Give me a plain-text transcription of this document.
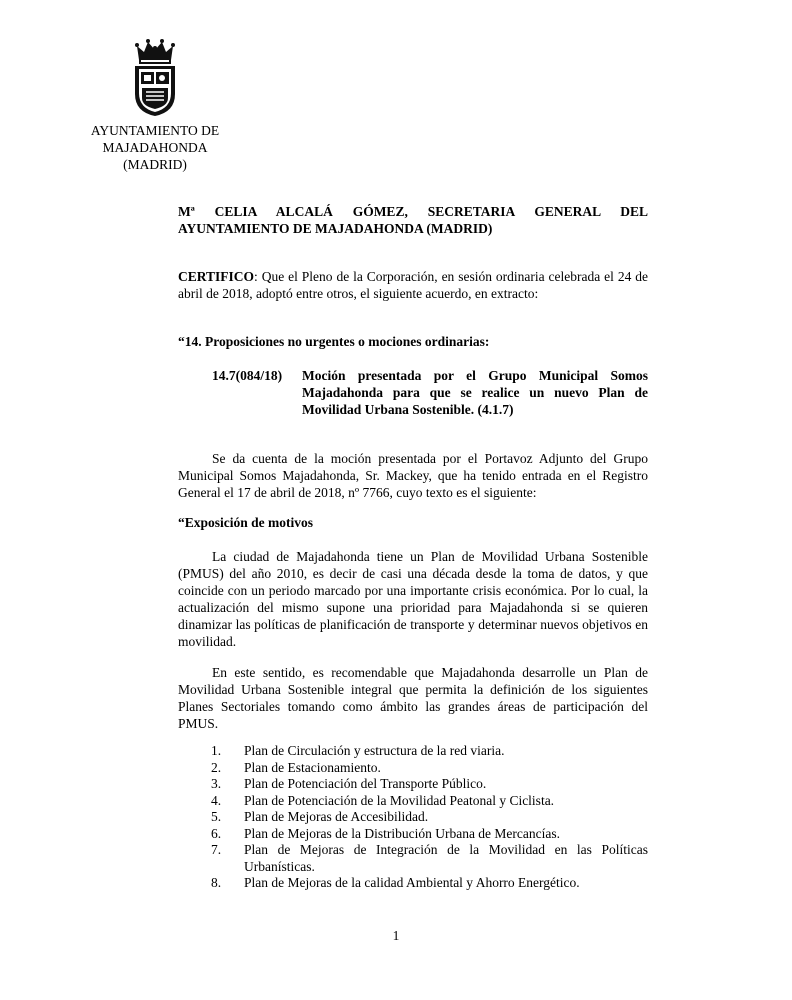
AYUNTAMIENTO DE
MAJADAHONDA
(MADRID)
Mª CELIA ALCALÁ GÓMEZ, SECRETARIA GENERAL DEL
AYUNTAMIENTO DE MAJADAHONDA (MADRID)
CERTIFICO: Que el Pleno de la Corporación, en sesión ordinaria celebrada el 24 de abril de 2018, adoptó entre otros, el siguiente acuerdo, en extracto:
“14. Proposiciones no urgentes o mociones ordinarias:
14.7(084/18) Moción presentada por el Grupo Municipal Somos Majadahonda para que se realice un nuevo Plan de Movilidad Urbana Sostenible. (4.1.7)
Se da cuenta de la moción presentada por el Portavoz Adjunto del Grupo Municipal Somos Majadahonda, Sr. Mackey, que ha tenido entrada en el Registro General el 17 de abril de 2018, nº 7766, cuyo texto es el siguiente:
“Exposición de motivos
La ciudad de Majadahonda tiene un Plan de Movilidad Urbana Sostenible (PMUS) del año 2010, es decir de casi una década desde la toma de datos, y que coincide con un periodo marcado por una importante crisis económica. Por lo cual, la actualización del mismo supone una prioridad para Majadahonda si se quieren dinamizar las políticas de planificación de transporte y determinar nuevos objetivos en movilidad.
En este sentido, es recomendable que Majadahonda desarrolle un Plan de Movilidad Urbana Sostenible integral que permita la definición de los siguientes Planes Sectoriales tomando como ámbito las grandes áreas de participación del PMUS.
1. Plan de Circulación y estructura de la red viaria.
2. Plan de Estacionamiento.
3. Plan de Potenciación del Transporte Público.
4. Plan de Potenciación de la Movilidad Peatonal y Ciclista.
5. Plan de Mejoras de Accesibilidad.
6. Plan de Mejoras de la Distribución Urbana de Mercancías.
7. Plan de Mejoras de Integración de la Movilidad en las Políticas Urbanísticas.
8. Plan de Mejoras de la calidad Ambiental y Ahorro Energético.
1
